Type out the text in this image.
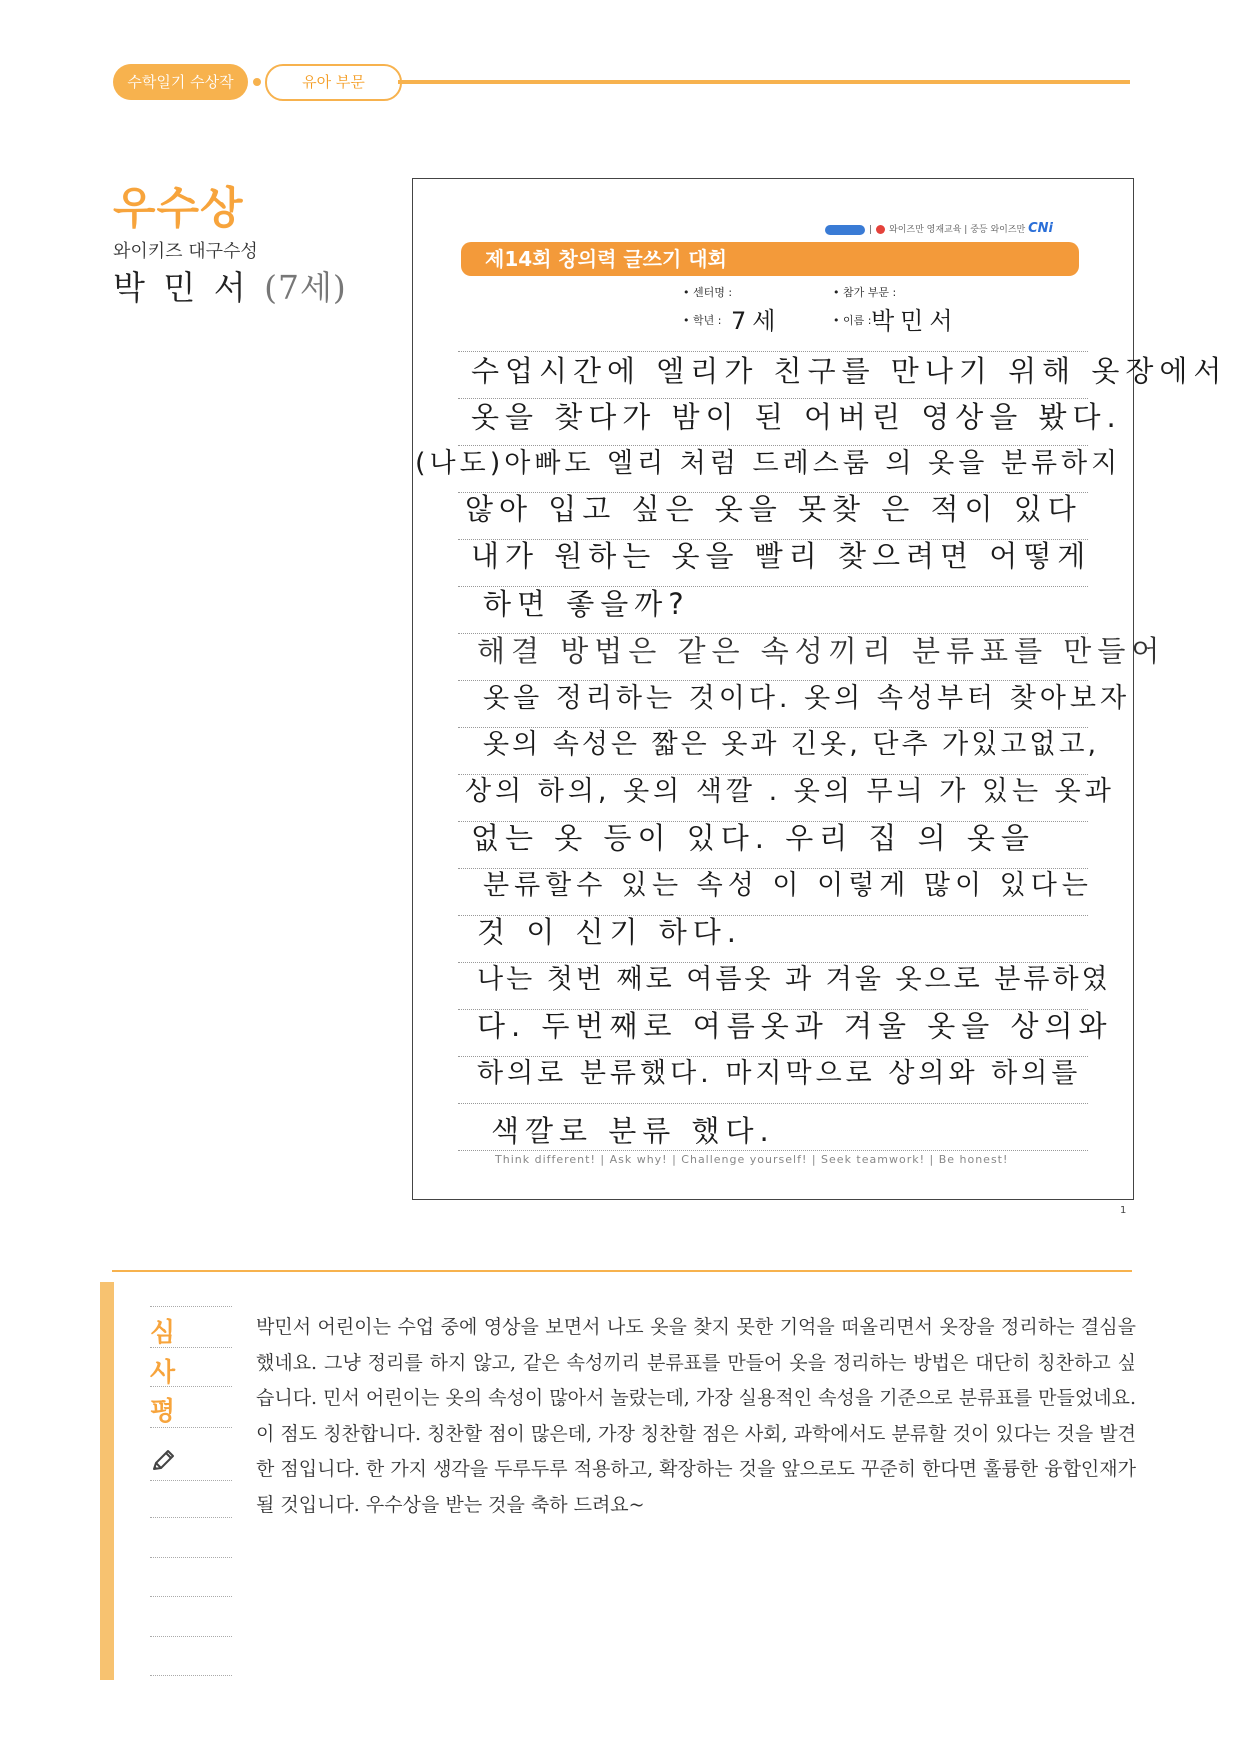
수학일기 수상작	유아 부문
우수상
와이키즈 대구수성
박 민 서 (7세)
| 와이즈만 영재교육 | 중등 와이즈만 CNi
제14회 창의력 글쓰기 대회
• 센터명 :	• 참가 부문 :
• 학년 : 7세	• 이름 : 박민서
수업시간에 엘리가 친구를 만나기 위해 옷장에서
옷을 찾다가 밤이 된 어버린 영상을 봤다.
(나도)아빠도 엘리 처럼 드레스룸 의 옷을 분류하지
않아 입고 싶은 옷을 못찾 은 적이 있다
내가 원하는 옷을 빨리 찾으려면 어떻게
하면 좋을까?
해결 방법은 같은 속성끼리 분류표를 만들어
옷을 정리하는 것이다. 옷의 속성부터 찾아보자
옷의 속성은 짧은 옷과 긴옷, 단추 가있고없고,
상의 하의, 옷의 색깔 . 옷의 무늬 가 있는 옷과
없는 옷 등이 있다. 우리 집 의 옷을
분류할수 있는 속성 이 이렇게 많이 있다는
것 이 신기 하다.
나는 첫번 째로 여름옷 과 겨울 옷으로 분류하였
다. 두번째로 여름옷과 겨울 옷을 상의와
하의로 분류했다. 마지막으로 상의와 하의를
색깔로 분류 했다.
Think different! | Ask why! | Challenge yourself! | Seek teamwork! | Be honest!
1
심
사
평
박민서 어린이는 수업 중에 영상을 보면서 나도 옷을 찾지 못한 기억을 떠올리면서 옷장을 정리하는 결심을 했네요. 그냥 정리를 하지 않고, 같은 속성끼리 분류표를 만들어 옷을 정리하는 방법은 대단히 칭찬하고 싶습니다. 민서 어린이는 옷의 속성이 많아서 놀랐는데, 가장 실용적인 속성을 기준으로 분류표를 만들었네요. 이 점도 칭찬합니다. 칭찬할 점이 많은데, 가장 칭찬할 점은 사회, 과학에서도 분류할 것이 있다는 것을 발견한 점입니다. 한 가지 생각을 두루두루 적용하고, 확장하는 것을 앞으로도 꾸준히 한다면 훌륭한 융합인재가 될 것입니다. 우수상을 받는 것을 축하 드려요~
